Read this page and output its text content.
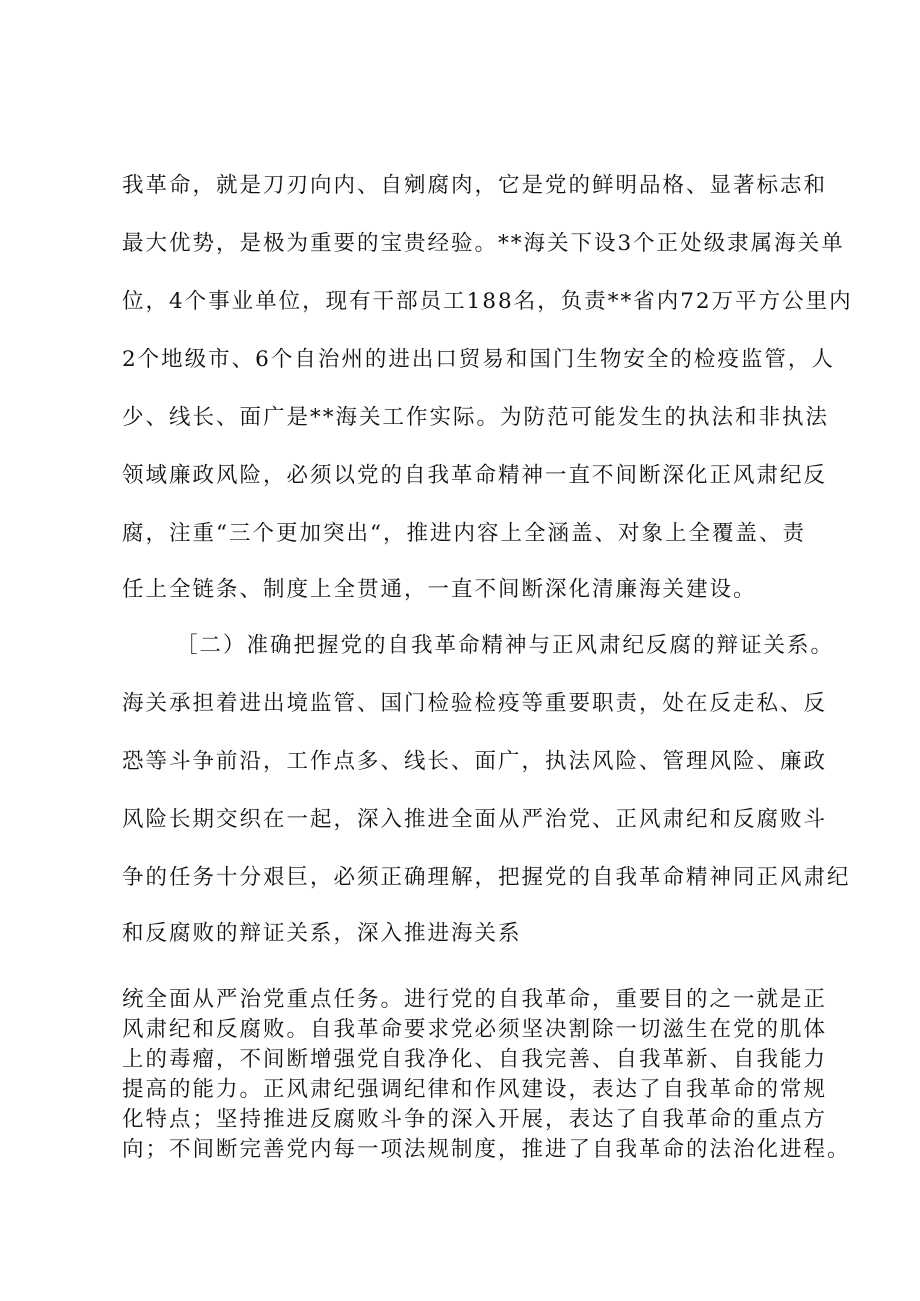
我革命，就是刀刃向内、自剜腐肉，它是党的鲜明品格、显著标志和
最大优势，是极为重要的宝贵经验。**海关下设3个正处级隶属海关单
位，4个事业单位，现有干部员工188名，负责**省内72万平方公里内
2个地级市、6个自治州的进出口贸易和国门生物安全的检疫监管，人
少、线长、面广是**海关工作实际。为防范可能发生的执法和非执法
领域廉政风险，必须以党的自我革命精神一直不间断深化正风肃纪反
腐，注重“三个更加突出“，推进内容上全涵盖、对象上全覆盖、责
任上全链条、制度上全贯通，一直不间断深化清廉海关建设。
［二）准确把握党的自我革命精神与正风肃纪反腐的辩证关系。
海关承担着进出境监管、国门检验检疫等重要职责，处在反走私、反
恐等斗争前沿，工作点多、线长、面广，执法风险、管理风险、廉政
风险长期交织在一起，深入推进全面从严治党、正风肃纪和反腐败斗
争的任务十分艰巨，必须正确理解，把握党的自我革命精神同正风肃纪
和反腐败的辩证关系，深入推进海关系
统全面从严治党重点任务。进行党的自我革命，重要目的之一就是正
风肃纪和反腐败。自我革命要求党必须坚决割除一切滋生在党的肌体
上的毒瘤，不间断增强党自我净化、自我完善、自我革新、自我能力
提高的能力。正风肃纪强调纪律和作风建设，表达了自我革命的常规
化特点；坚持推进反腐败斗争的深入开展，表达了自我革命的重点方
向；不间断完善党内每一项法规制度，推进了自我革命的法治化进程。
